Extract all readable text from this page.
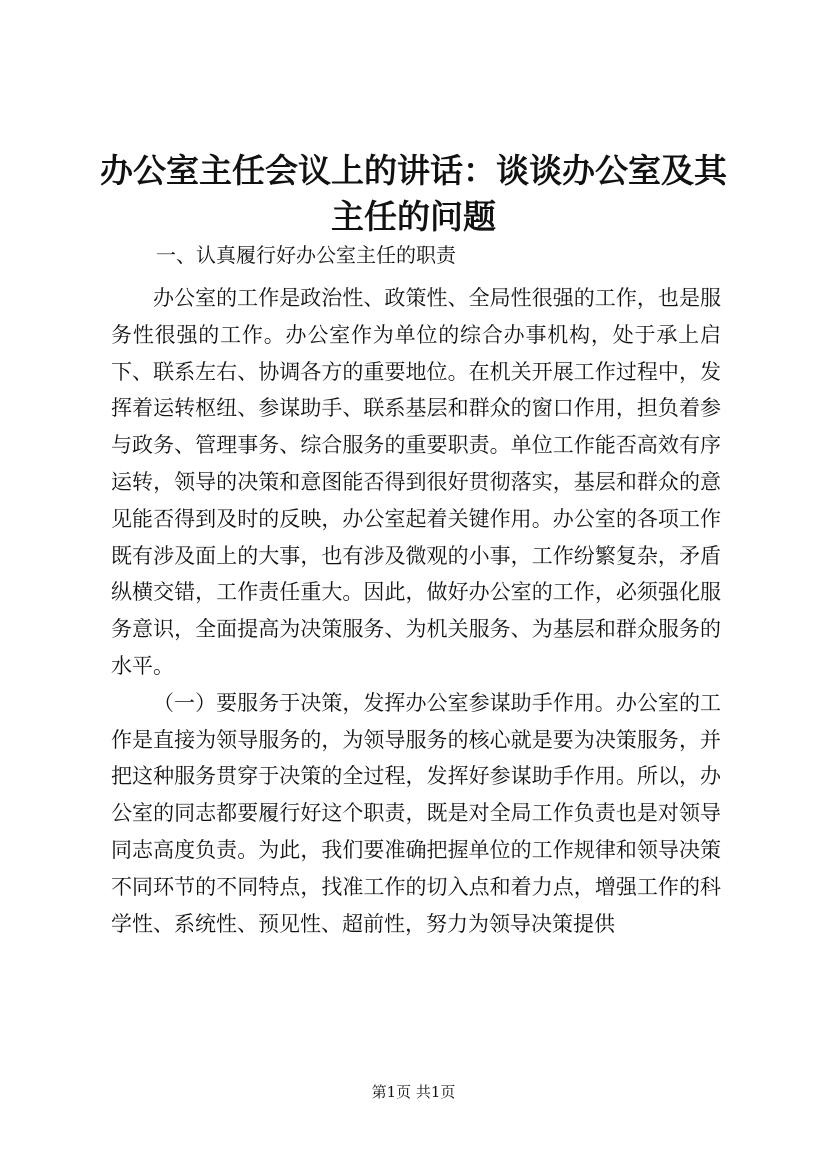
办公室主任会议上的讲话：谈谈办公室及其主任的问题
一、认真履行好办公室主任的职责

办公室的工作是政治性、政策性、全局性很强的工作，也是服务性很强的工作。办公室作为单位的综合办事机构，处于承上启下、联系左右、协调各方的重要地位。在机关开展工作过程中，发挥着运转枢纽、参谋助手、联系基层和群众的窗口作用，担负着参与政务、管理事务、综合服务的重要职责。单位工作能否高效有序运转，领导的决策和意图能否得到很好贯彻落实，基层和群众的意见能否得到及时的反映，办公室起着关键作用。办公室的各项工作既有涉及面上的大事，也有涉及微观的小事，工作纷繁复杂，矛盾纵横交错，工作责任重大。因此，做好办公室的工作，必须强化服务意识，全面提高为决策服务、为机关服务、为基层和群众服务的水平。

（一）要服务于决策，发挥办公室参谋助手作用。办公室的工作是直接为领导服务的，为领导服务的核心就是要为决策服务，并把这种服务贯穿于决策的全过程，发挥好参谋助手作用。所以，办公室的同志都要履行好这个职责，既是对全局工作负责也是对领导同志高度负责。为此，我们要准确把握单位的工作规律和领导决策不同环节的不同特点，找准工作的切入点和着力点，增强工作的科学性、系统性、预见性、超前性，努力为领导决策提供

第1页 共1页
